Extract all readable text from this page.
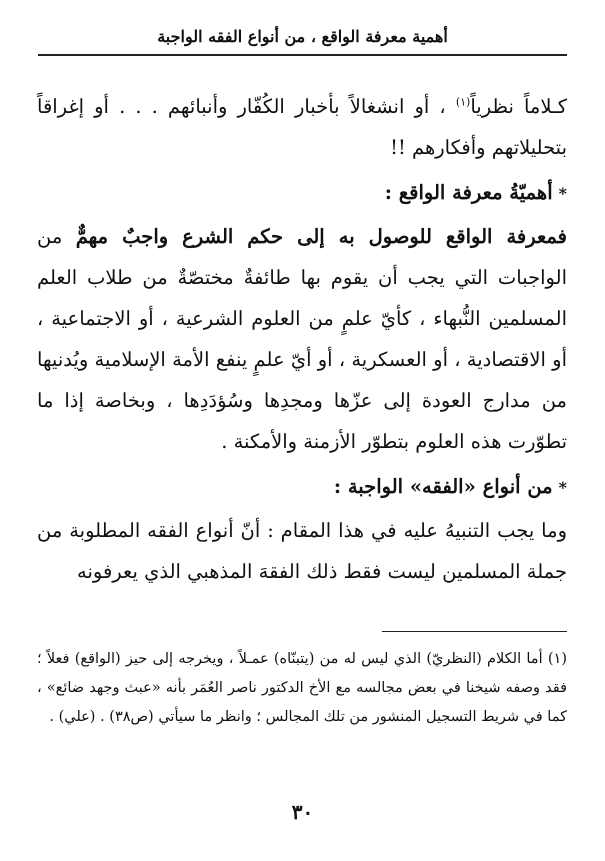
أهمية معرفة الواقع ، من أنواع الفقه الواجبة

كـلاماً نظرياً$^{(١)}$ ، أو انشغالاً بأخبار الكُفّار وأنبائهم . . . أو إغراقاً بتحليلاتهم وأفكارهم !!

*أهميّةُ معرفة الواقع :

فمعرفة الواقع للوصول به إلى حكم الشرع واجبٌ مهمٌّ من الواجبات التي يجب أن يقوم بها طائفةٌ مختصّةٌ من طلاب العلم المسلمين النُّبهاء ، كأيّ علمٍ من العلوم الشرعية ، أو الاجتماعية ، أو الاقتصادية ، أو العسكرية ، أو أيّ علمٍ ينفع الأمة الإسلامية ويُدنيها من مدارج العودة إلى عزّها ومجدِها وسُؤدَدِها ، وبخاصة إذا ما تطوّرت هذه العلوم بتطوّر الأزمنة والأمكنة .

*من أنواع «الفقه» الواجبة :

وما يجب التنبيهُ عليه في هذا المقام : أنّ أنواع الفقه المطلوبة من جملة المسلمين ليست فقط ذلك الفقهَ المذهبي الذي يعرفونه

(١) أما الكلام (النظريّ) الذي ليس له من (يتبنّاه) عمـلاً ، ويخرجه إلى حيز (الواقع) فعلاً ؛ فقد وصفه شيخنا في بعض مجالسه مع الأخ الدكتور ناصر العُمَر بأنه «عبث وجهد ضائع» ، كما في شريط التسجيل المنشور من تلك المجالس ؛ وانظر ما سيأتي (ص٣٨) . (علي) .

٣٠
